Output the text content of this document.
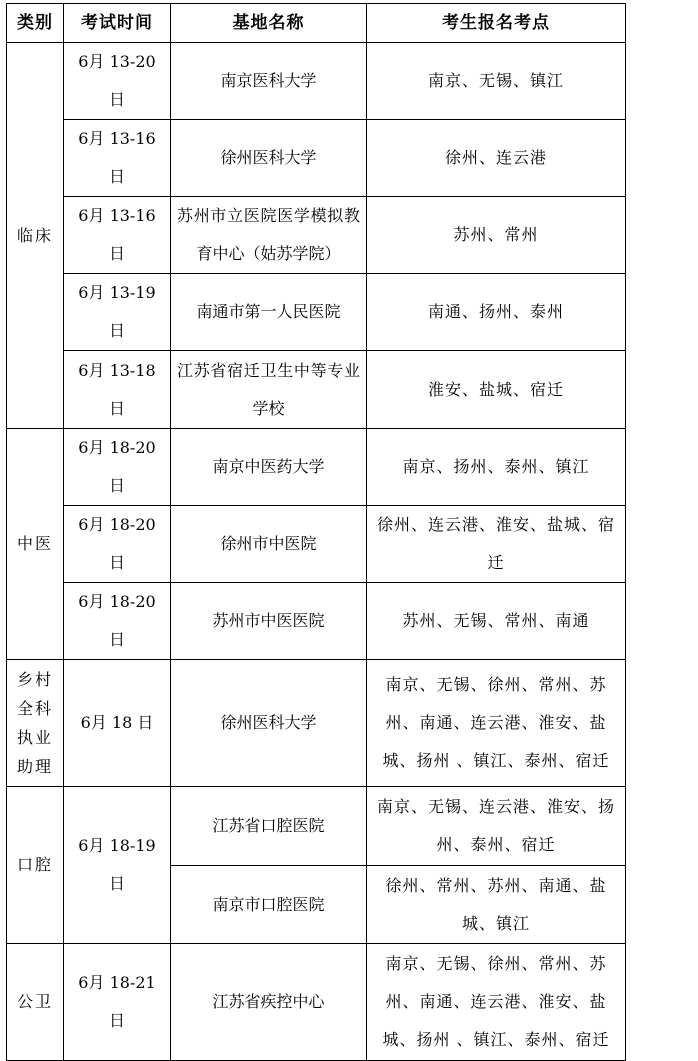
类别	考试时间	基地名称	考生报名考点
临床	6月 13-20 日	南京医科大学	南京、无锡、镇江
	6月 13-16 日	徐州医科大学	徐州、连云港
	6月 13-16 日	苏州市立医院医学模拟教育中心（姑苏学院）	苏州、常州
	6月 13-19 日	南通市第一人民医院	南通、扬州、泰州
	6月 13-18 日	江苏省宿迁卫生中等专业学校	淮安、盐城、宿迁
中医	6月 18-20 日	南京中医药大学	南京、扬州、泰州、镇江
	6月 18-20 日	徐州市中医院	徐州、连云港、淮安、盐城、宿迁
	6月 18-20 日	苏州市中医医院	苏州、无锡、常州、南通
乡村全科执业助理	6月 18 日	徐州医科大学	南京、无锡、徐州、常州、苏州、南通、连云港、淮安、盐城、扬州 、镇江、泰州、宿迁
口腔	6月 18-19 日	江苏省口腔医院	南京、无锡、连云港、淮安、扬州、泰州、宿迁
		南京市口腔医院	徐州、常州、苏州、南通、盐城、镇江
公卫	6月 18-21 日	江苏省疾控中心	南京、无锡、徐州、常州、苏州、南通、连云港、淮安、盐城、扬州 、镇江、泰州、宿迁
